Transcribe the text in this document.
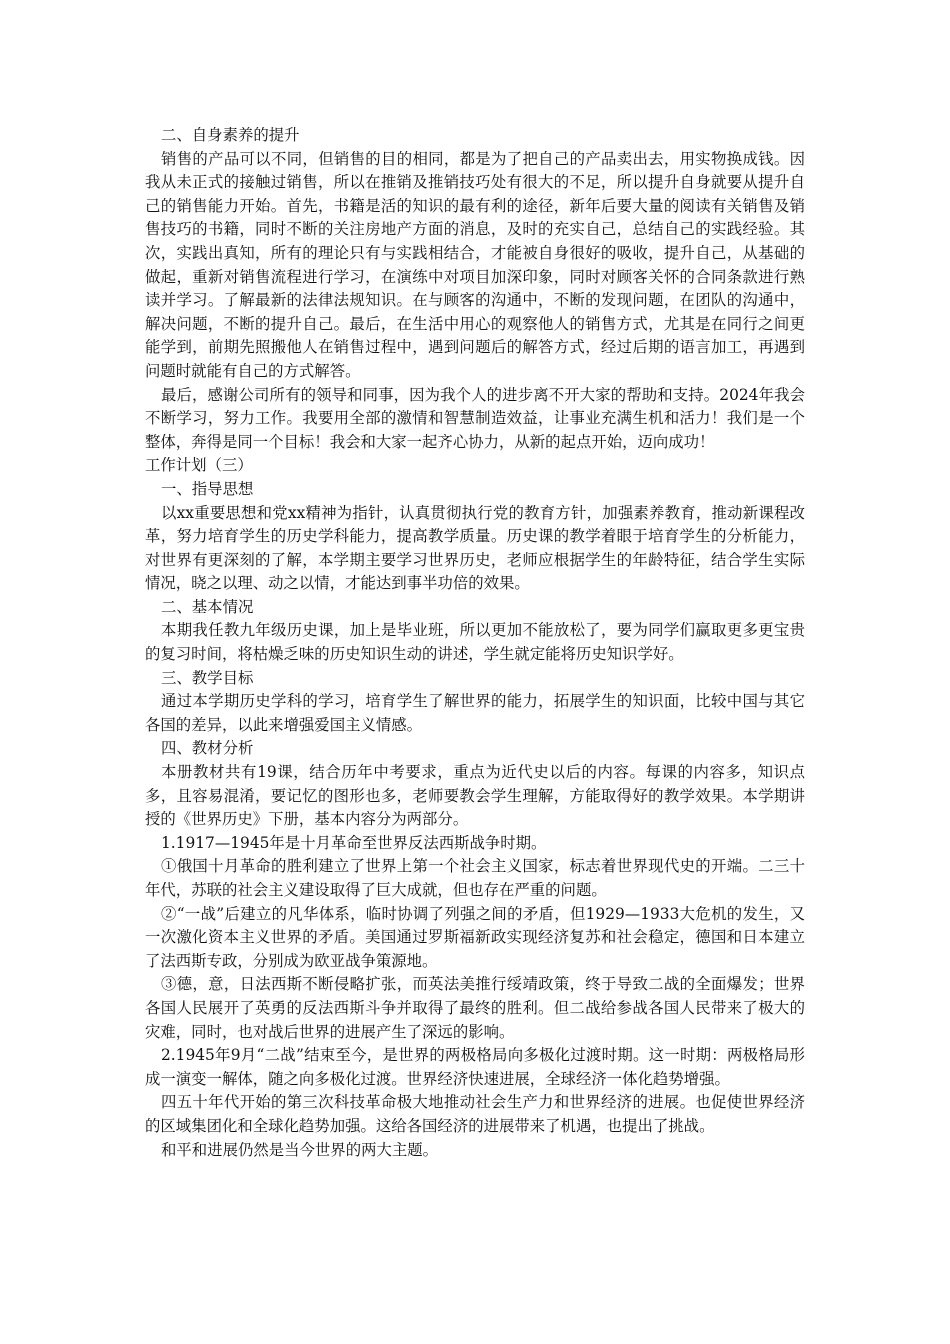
二、自身素养的提升

销售的产品可以不同，但销售的目的相同，都是为了把自己的产品卖出去，用实物换成钱。因我从未正式的接触过销售，所以在推销及推销技巧处有很大的不足，所以提升自身就要从提升自己的销售能力开始。首先，书籍是活的知识的最有利的途径，新年后要大量的阅读有关销售及销售技巧的书籍，同时不断的关注房地产方面的消息，及时的充实自己，总结自己的实践经验。其次，实践出真知，所有的理论只有与实践相结合，才能被自身很好的吸收，提升自己，从基础的做起，重新对销售流程进行学习，在演练中对项目加深印象，同时对顾客关怀的合同条款进行熟读并学习。了解最新的法律法规知识。在与顾客的沟通中，不断的发现问题，在团队的沟通中，解决问题，不断的提升自己。最后，在生活中用心的观察他人的销售方式，尤其是在同行之间更能学到，前期先照搬他人在销售过程中，遇到问题后的解答方式，经过后期的语言加工，再遇到问题时就能有自己的方式解答。

最后，感谢公司所有的领导和同事，因为我个人的进步离不开大家的帮助和支持。2024年我会不断学习，努力工作。我要用全部的激情和智慧制造效益，让事业充满生机和活力！我们是一个整体，奔得是同一个目标！我会和大家一起齐心协力，从新的起点开始，迈向成功！

工作计划（三）

一、指导思想

以xx重要思想和党xx精神为指针，认真贯彻执行党的教育方针，加强素养教育，推动新课程改革，努力培育学生的历史学科能力，提高教学质量。历史课的教学着眼于培育学生的分析能力，对世界有更深刻的了解，本学期主要学习世界历史，老师应根据学生的年龄特征，结合学生实际情况，晓之以理、动之以情，才能达到事半功倍的效果。

二、基本情况

本期我任教九年级历史课，加上是毕业班，所以更加不能放松了，要为同学们赢取更多更宝贵的复习时间，将枯燥乏味的历史知识生动的讲述，学生就定能将历史知识学好。

三、教学目标

通过本学期历史学科的学习，培育学生了解世界的能力，拓展学生的知识面，比较中国与其它各国的差异，以此来增强爱国主义情感。

四、教材分析

本册教材共有19课，结合历年中考要求，重点为近代史以后的内容。每课的内容多，知识点多，且容易混淆，要记忆的图形也多，老师要教会学生理解，方能取得好的教学效果。本学期讲授的《世界历史》下册，基本内容分为两部分。

1.1917—1945年是十月革命至世界反法西斯战争时期。

①俄国十月革命的胜利建立了世界上第一个社会主义国家，标志着世界现代史的开端。二三十年代，苏联的社会主义建设取得了巨大成就，但也存在严重的问题。

②“一战”后建立的凡华体系，临时协调了列强之间的矛盾，但1929—1933大危机的发生，又一次激化资本主义世界的矛盾。美国通过罗斯福新政实现经济复苏和社会稳定，德国和日本建立了法西斯专政，分别成为欧亚战争策源地。

③德，意，日法西斯不断侵略扩张，而英法美推行绥靖政策，终于导致二战的全面爆发；世界各国人民展开了英勇的反法西斯斗争并取得了最终的胜利。但二战给参战各国人民带来了极大的灾难，同时，也对战后世界的进展产生了深远的影响。

2.1945年9月“二战”结束至今，是世界的两极格局向多极化过渡时期。这一时期：两极格局形成一演变一解体，随之向多极化过渡。世界经济快速进展，全球经济一体化趋势增强。

四五十年代开始的第三次科技革命极大地推动社会生产力和世界经济的进展。也促使世界经济的区域集团化和全球化趋势加强。这给各国经济的进展带来了机遇，也提出了挑战。

和平和进展仍然是当今世界的两大主题。
